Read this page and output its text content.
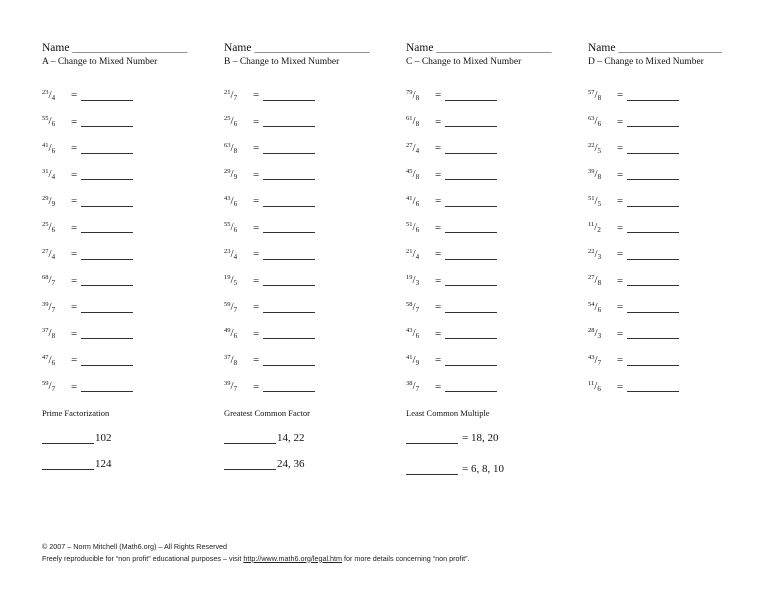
Name ____________________
A – Change to Mixed Number
$^{23}/_4$	=
$^{55}/_6$	=
$^{41}/_6$	=
$^{31}/_4$	=
$^{29}/_9$	=
$^{25}/_6$	=
$^{27}/_4$	=
$^{68}/_7$	=
$^{39}/_7$	=
$^{37}/_8$	=
$^{47}/_6$	=
$^{59}/_7$	=
Prime Factorization
102
124
Name ____________________
B – Change to Mixed Number
$^{21}/_7$	=
$^{25}/_6$	=
$^{63}/_8$	=
$^{29}/_9$	=
$^{43}/_6$	=
$^{55}/_6$	=
$^{23}/_4$	=
$^{19}/_5$	=
$^{59}/_7$	=
$^{49}/_6$	=
$^{37}/_8$	=
$^{39}/_7$	=
Greatest Common Factor
14, 22
24, 36
Name ____________________
C – Change to Mixed Number
$^{79}/_8$	=
$^{61}/_8$	=
$^{27}/_4$	=
$^{45}/_8$	=
$^{41}/_6$	=
$^{51}/_6$	=
$^{21}/_4$	=
$^{19}/_3$	=
$^{58}/_7$	=
$^{43}/_6$	=
$^{41}/_9$	=
$^{38}/_7$	=
Least Common Multiple
= 18, 20
= 6, 8, 10
Name __________________
D – Change to Mixed Number
$^{57}/_8$	=
$^{63}/_6$	=
$^{22}/_5$	=
$^{39}/_8$	=
$^{51}/_5$	=
$^{11}/_2$	=
$^{22}/_3$	=
$^{27}/_8$	=
$^{54}/_6$	=
$^{28}/_3$	=
$^{43}/_7$	=
$^{11}/_6$	=
© 2007 – Norm Mitchell (Math6.org) – All Rights Reserved
Freely reproducible for “non profit” educational purposes – visit http://www.math6.org/legal.htm for more details concerning “non profit”.
